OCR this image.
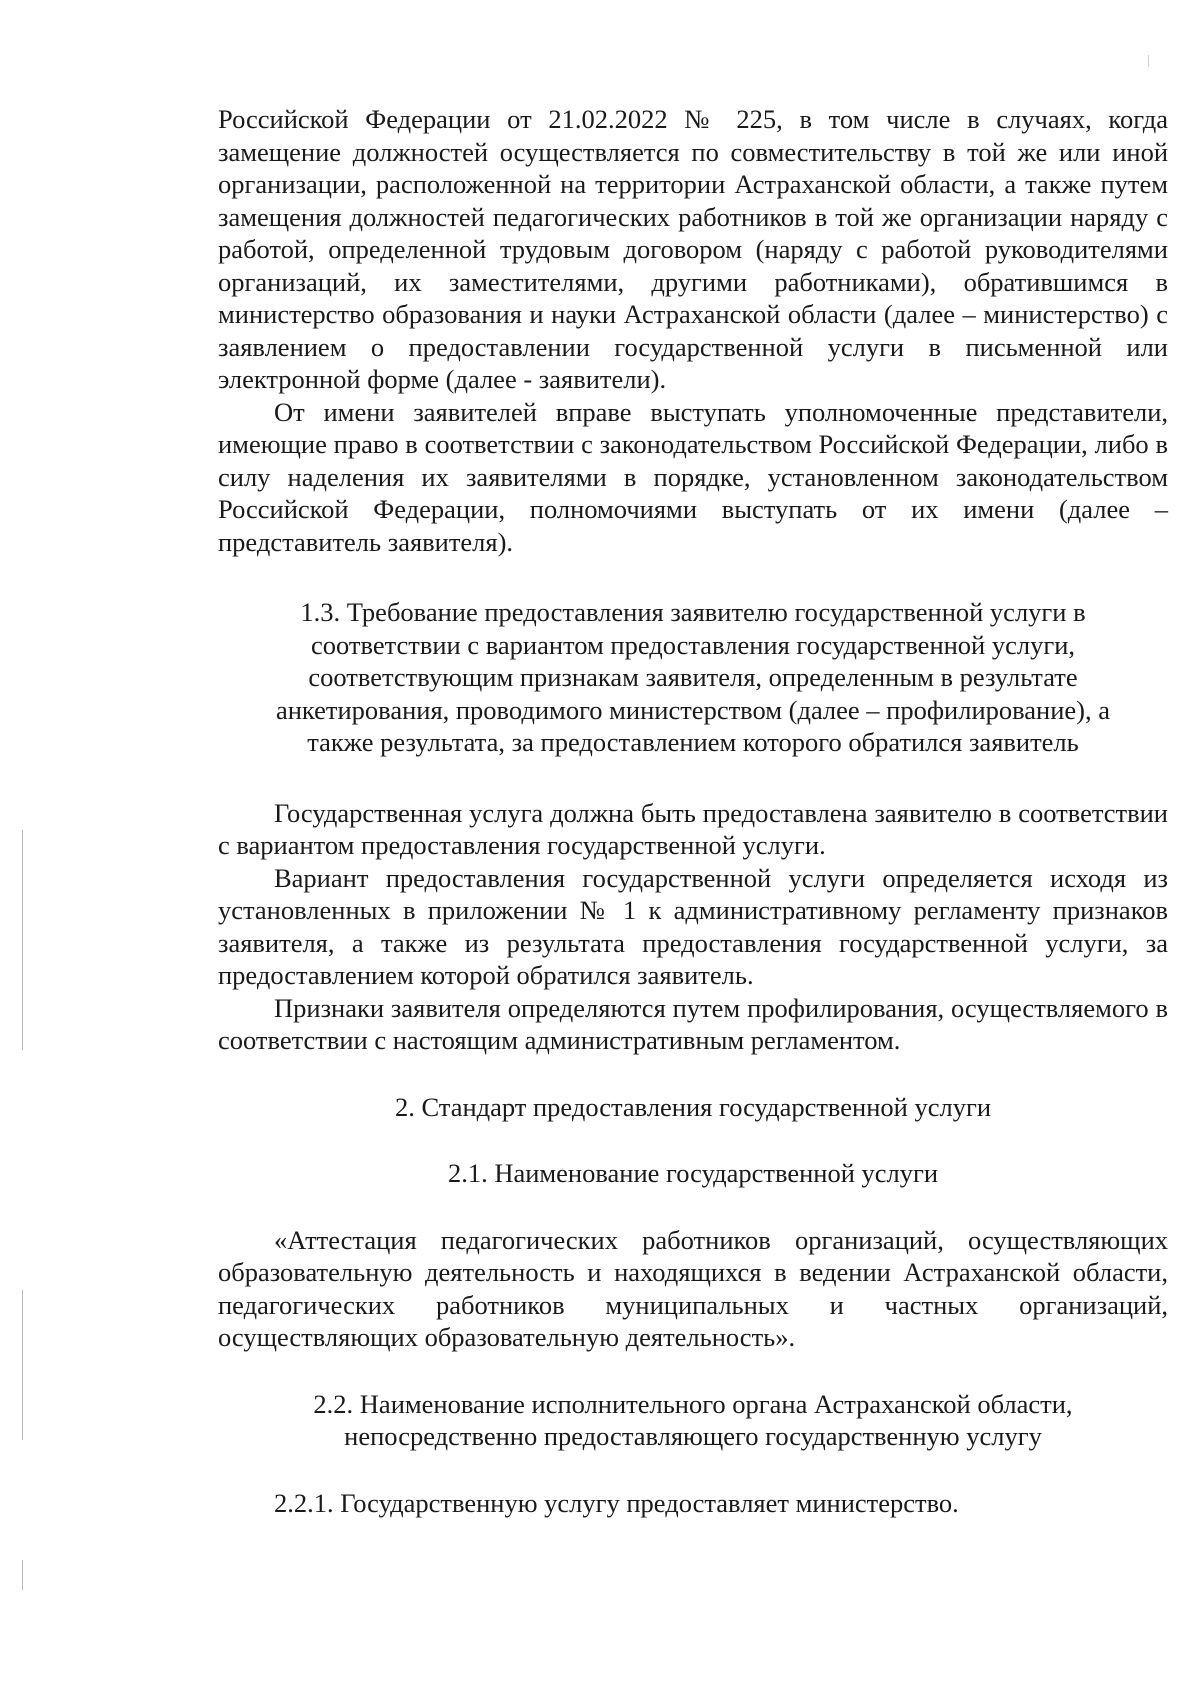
Российской Федерации от 21.02.2022 № 225, в том числе в случаях, когда замещение должностей осуществляется по совместительству в той же или иной организации, расположенной на территории Астраханской области, а также путем замещения должностей педагогических работников в той же организации наряду с работой, определенной трудовым договором (наряду с работой руководителями организаций, их заместителями, другими работниками), обратившимся в министерство образования и науки Астраханской области (далее – министерство) с заявлением о предоставлении государственной услуги в письменной или электронной форме (далее - заявители).

От имени заявителей вправе выступать уполномоченные представители, имеющие право в соответствии с законодательством Российской Федерации, либо в силу наделения их заявителями в порядке, установленном законодательством Российской Федерации, полномочиями выступать от их имени (далее – представитель заявителя).

1.3. Требование предоставления заявителю государственной услуги в соответствии с вариантом предоставления государственной услуги, соответствующим признакам заявителя, определенным в результате анкетирования, проводимого министерством (далее – профилирование), а также результата, за предоставлением которого обратился заявитель

Государственная услуга должна быть предоставлена заявителю в соответствии с вариантом предоставления государственной услуги.

Вариант предоставления государственной услуги определяется исходя из установленных в приложении № 1 к административному регламенту признаков заявителя, а также из результата предоставления государственной услуги, за предоставлением которой обратился заявитель.

Признаки заявителя определяются путем профилирования, осуществляемого в соответствии с настоящим административным регламентом.

2. Стандарт предоставления государственной услуги

2.1. Наименование государственной услуги

«Аттестация педагогических работников организаций, осуществляющих образовательную деятельность и находящихся в ведении Астраханской области, педагогических работников муниципальных и частных организаций, осуществляющих образовательную деятельность».

2.2. Наименование исполнительного органа Астраханской области, непосредственно предоставляющего государственную услугу

2.2.1. Государственную услугу предоставляет министерство.
